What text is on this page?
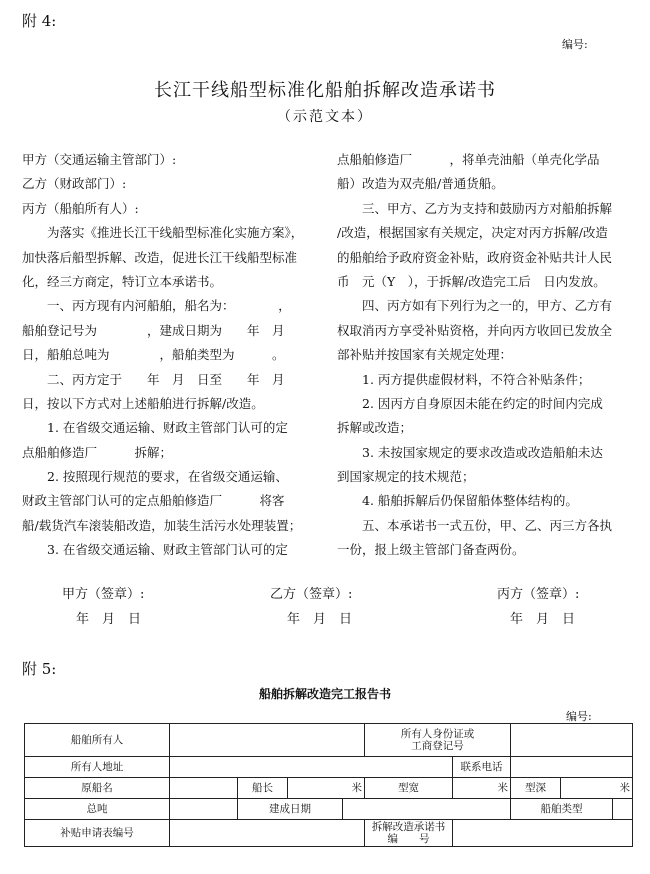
附 4:
编号:
长江干线船型标准化船舶拆解改造承诺书
（示范文本）
甲方（交通运输主管部门）:
乙方（财政部门）:
丙方（船舶所有人）:
　　为落实《推进长江干线船型标准化实施方案》，
加快落后船型拆解、改造，促进长江干线船型标准
化，经三方商定，特订立本承诺书。
　　一、丙方现有内河船舶，船名为：　　　　，
船舶登记号为　　　　，建成日期为　　年　月
日，船舶总吨为　　　　，船舶类型为　　　。
　　二、丙方定于　　年　月　日至　　年　月
日，按以下方式对上述船舶进行拆解/改造。
　　1. 在省级交通运输、财政主管部门认可的定
点船舶修造厂　　　拆解；
　　2. 按照现行规范的要求，在省级交通运输、
财政主管部门认可的定点船舶修造厂　　　将客
船/载货汽车滚装船改造，加装生活污水处理装置；
　　3. 在省级交通运输、财政主管部门认可的定
点船舶修造厂　　　，将单壳油船（单壳化学品
船）改造为双壳船/普通货船。
　　三、甲方、乙方为支持和鼓励丙方对船舶拆解
/改造，根据国家有关规定，决定对丙方拆解/改造
的船舶给予政府资金补贴，政府资金补贴共计人民
币　元（Y　），于拆解/改造完工后　日内发放。
　　四、丙方如有下列行为之一的，甲方、乙方有
权取消丙方享受补贴资格，并向丙方收回已发放全
部补贴并按国家有关规定处理：
　　1. 丙方提供虚假材料，不符合补贴条件；
　　2. 因丙方自身原因未能在约定的时间内完成
拆解或改造；
　　3. 未按国家规定的要求改造或改造船舶未达
到国家规定的技术规范；
　　4. 船舶拆解后仍保留船体整体结构的。
　　五、本承诺书一式五份，甲、乙、丙三方各执
一份，报上级主管部门备查两份。
甲方（签章）:
年　月　日
乙方（签章）:
年　月　日
丙方（签章）:
年　月　日
附 5:
船舶拆解改造完工报告书
编号:
船舶所有人					所有人身份证或
工商登记号				

所有人地址						联系电话			
原船名		船长	米		型宽	米	型深	米	
总吨		建成日期					船舶类型		
补贴申请表编号					拆解改造承诺书
编　　号				
